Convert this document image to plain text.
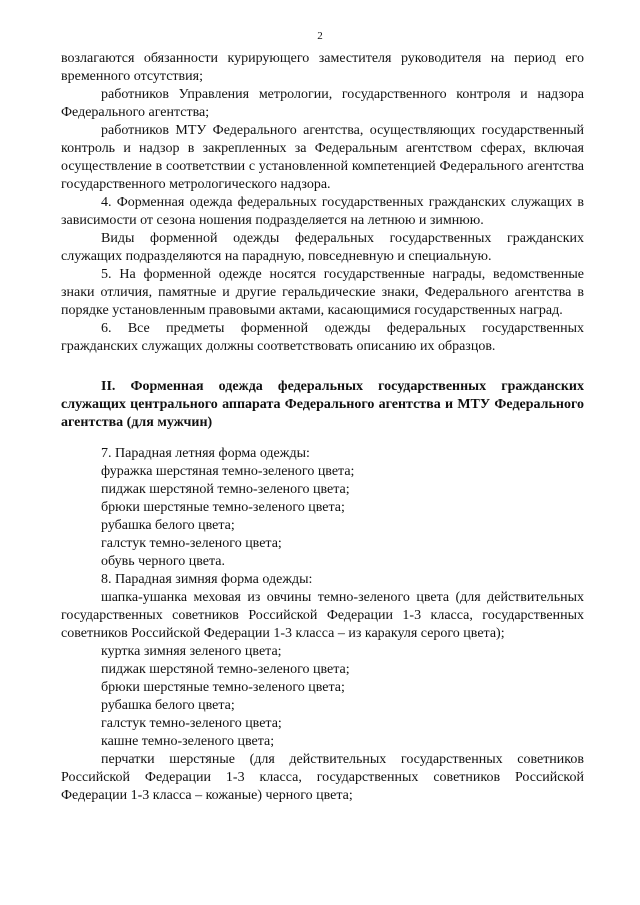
2

возлагаются обязанности курирующего заместителя руководителя на период его временного отсутствия;

работников Управления метрологии, государственного контроля и надзора Федерального агентства;

работников МТУ Федерального агентства, осуществляющих государственный контроль и надзор в закрепленных за Федеральным агентством сферах, включая осуществление в соответствии с установленной компетенцией Федерального агентства государственного метрологического надзора.

4. Форменная одежда федеральных государственных гражданских служащих в зависимости от сезона ношения подразделяется на летнюю и зимнюю.

Виды форменной одежды федеральных государственных гражданских служащих подразделяются на парадную, повседневную и специальную.

5. На форменной одежде носятся государственные награды, ведомственные знаки отличия, памятные и другие геральдические знаки, Федерального агентства в порядке установленным правовыми актами, касающимися государственных наград.

6. Все предметы форменной одежды федеральных государственных гражданских служащих должны соответствовать описанию их образцов.

II. Форменная одежда федеральных государственных гражданских служащих центрального аппарата Федерального агентства и МТУ Федерального агентства (для мужчин)

7. Парадная летняя форма одежды:

фуражка шерстяная темно-зеленого цвета;

пиджак шерстяной темно-зеленого цвета;

брюки шерстяные темно-зеленого цвета;

рубашка белого цвета;

галстук темно-зеленого цвета;

обувь черного цвета.

8. Парадная зимняя форма одежды:

шапка-ушанка меховая из овчины темно-зеленого цвета (для действительных государственных советников Российской Федерации 1-3 класса, государственных советников Российской Федерации 1-3 класса – из каракуля серого цвета);

куртка зимняя зеленого цвета;

пиджак шерстяной темно-зеленого цвета;

брюки шерстяные темно-зеленого цвета;

рубашка белого цвета;

галстук темно-зеленого цвета;

кашне темно-зеленого цвета;

перчатки шерстяные (для действительных государственных советников Российской Федерации 1-3 класса, государственных советников Российской Федерации 1-3 класса – кожаные) черного цвета;
